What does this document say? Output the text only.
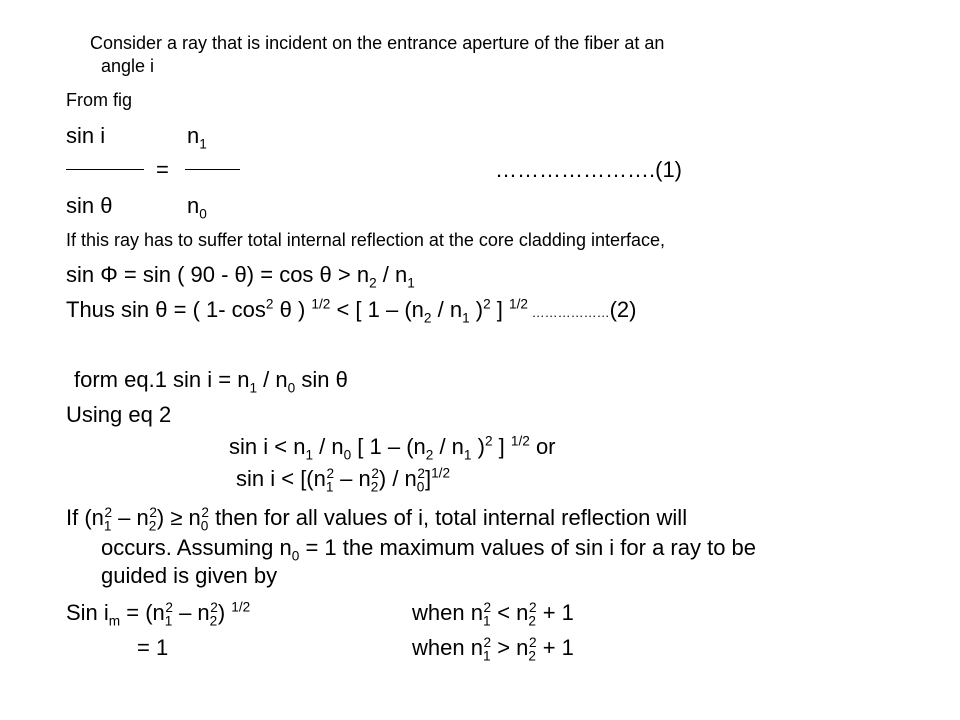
Consider a ray that is incident on the entrance aperture of the fiber at an
angle i
From fig
sin i	$n_1$
=	………………….(1)
sin θ	$n_0$
If this ray has to suffer total internal reflection at the core cladding interface,
sin Φ = sin ( $90 - \theta) = \cos \theta > n_2 / n_1$
Thus sin θ = ( 1- $\cos^2 \theta$ ) $^{1/2}$ < [ $1 - (n_2 / n_1$ )$^2$ ] $^{1/2}$ ………………(2)
form eq.1 $\sin i = n_1 / n_0$ sin θ
Using eq 2
$\sin i < n_1 / n_0$ [ $1 - (n_2 / n_1$ )$^2$ ] $^{1/2}$ or
$\sin i < [(n_1^2 - n_2^2) / n_0^2]^{1/2}$
If $(n_1^2 - n_2^2) \ge n_0^2$ then for all values of i, total internal reflection will
occurs. Assuming $n_0 = 1$ the maximum values of sin i for a ray to be
guided is given by
Sin $i_m = (n_1^2 - n_2^2)$ $^{1/2}$	when $n_1^2 < n_2^2 + 1$
= 1	when $n_1^2 > n_2^2 + 1$
